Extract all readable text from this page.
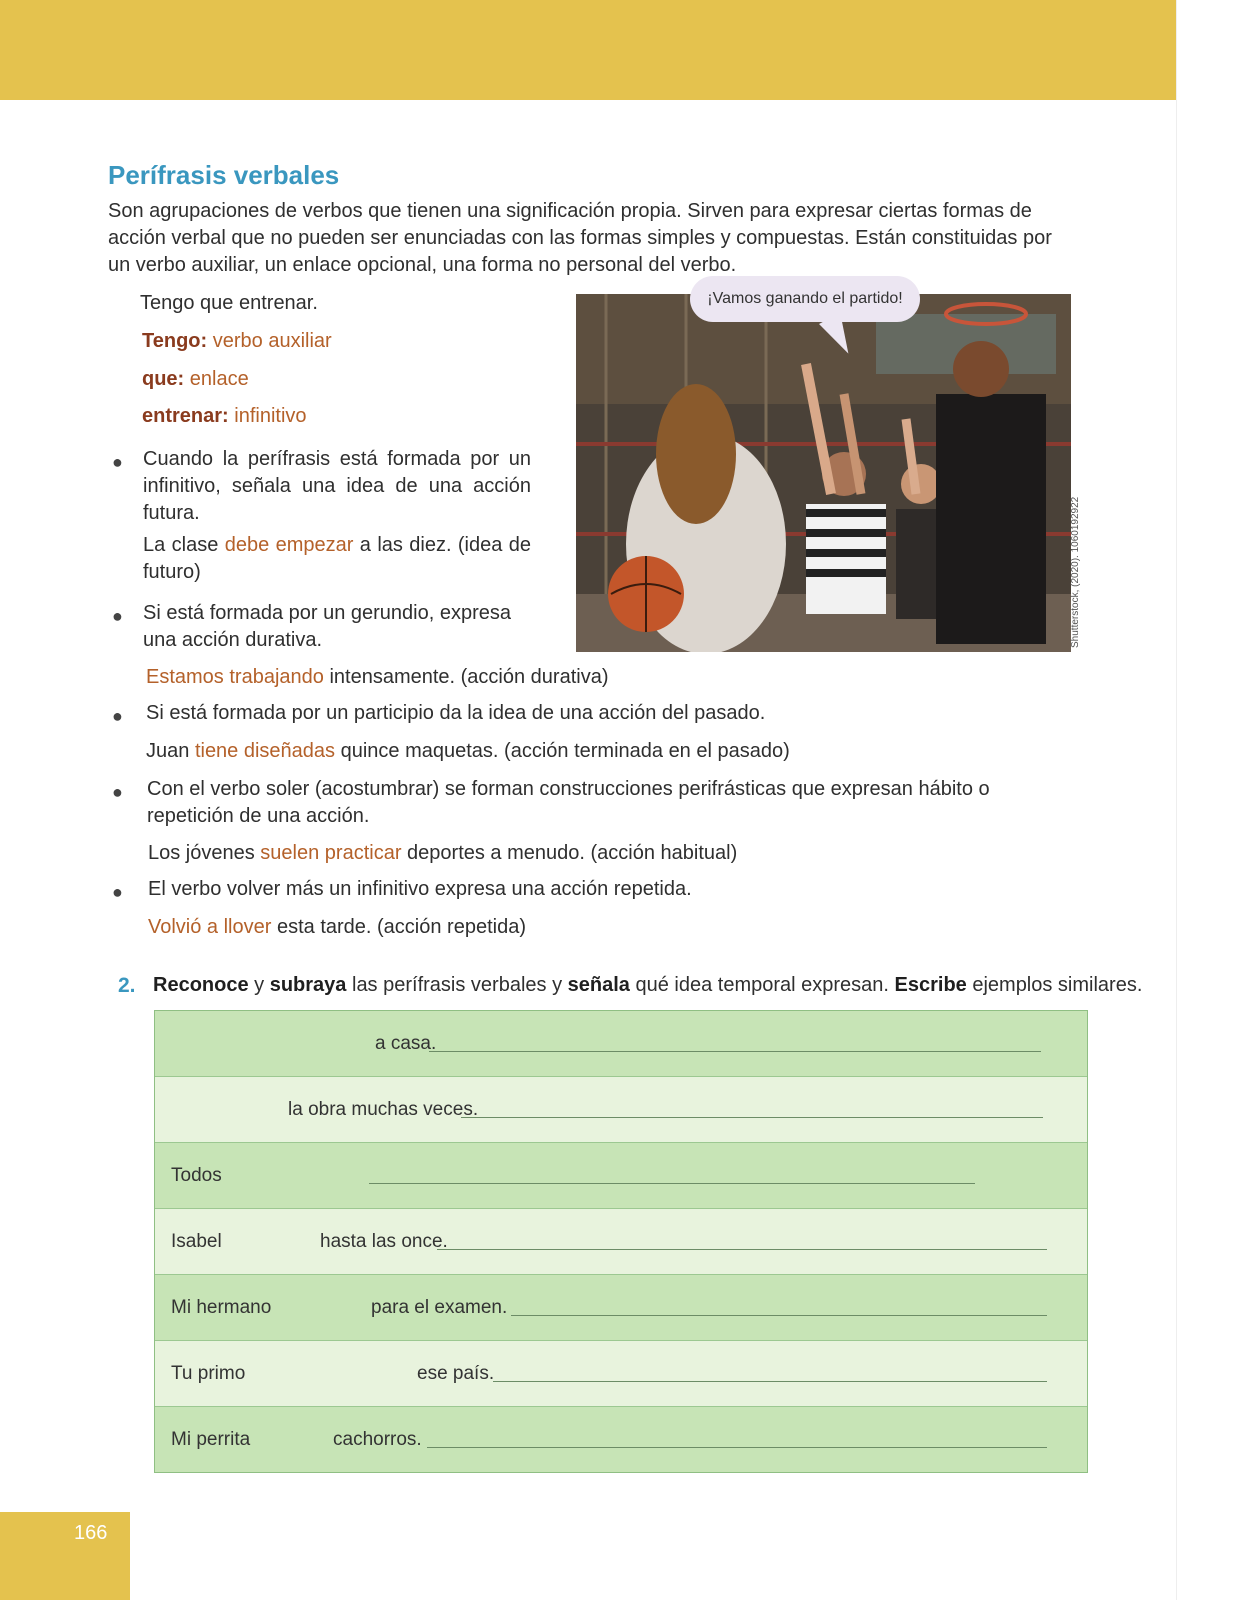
Perífrasis verbales
Son agrupaciones de verbos que tienen una significación propia. Sirven para expresar ciertas formas de acción verbal que no pueden ser enunciadas con las formas simples y compuestas. Están constituidas por un verbo auxiliar, un enlace opcional, una forma no personal del verbo.
Tengo que entrenar.
Tengo: verbo auxiliar
que: enlace
entrenar: infinitivo
● Cuando la perífrasis está formada por un infinitivo, señala una idea de una acción futura.
La clase debe empezar a las diez. (idea de futuro)
● Si está formada por un gerundio, expresa una acción durativa.
Estamos trabajando intensamente. (acción durativa)
● Si está formada por un participio da la idea de una acción del pasado.
Juan tiene diseñadas quince maquetas. (acción terminada en el pasado)
● Con el verbo soler (acostumbrar) se forman construcciones perifrásticas que expresan hábito o repetición de una acción.
Los jóvenes suelen practicar deportes a menudo. (acción habitual)
● El verbo volver más un infinitivo expresa una acción repetida.
Volvió a llover esta tarde. (acción repetida)
¡Vamos ganando el partido!
Shutterstock, (2020). 1060192922
2. Reconoce y subraya las perífrasis verbales y señala qué idea temporal expresan. Escribe ejemplos similares.
a casa.
la obra muchas veces.
Todos
Isabel	hasta las once.
Mi hermano	para el examen.
Tu primo	ese país.
Mi perrita	cachorros.
166
